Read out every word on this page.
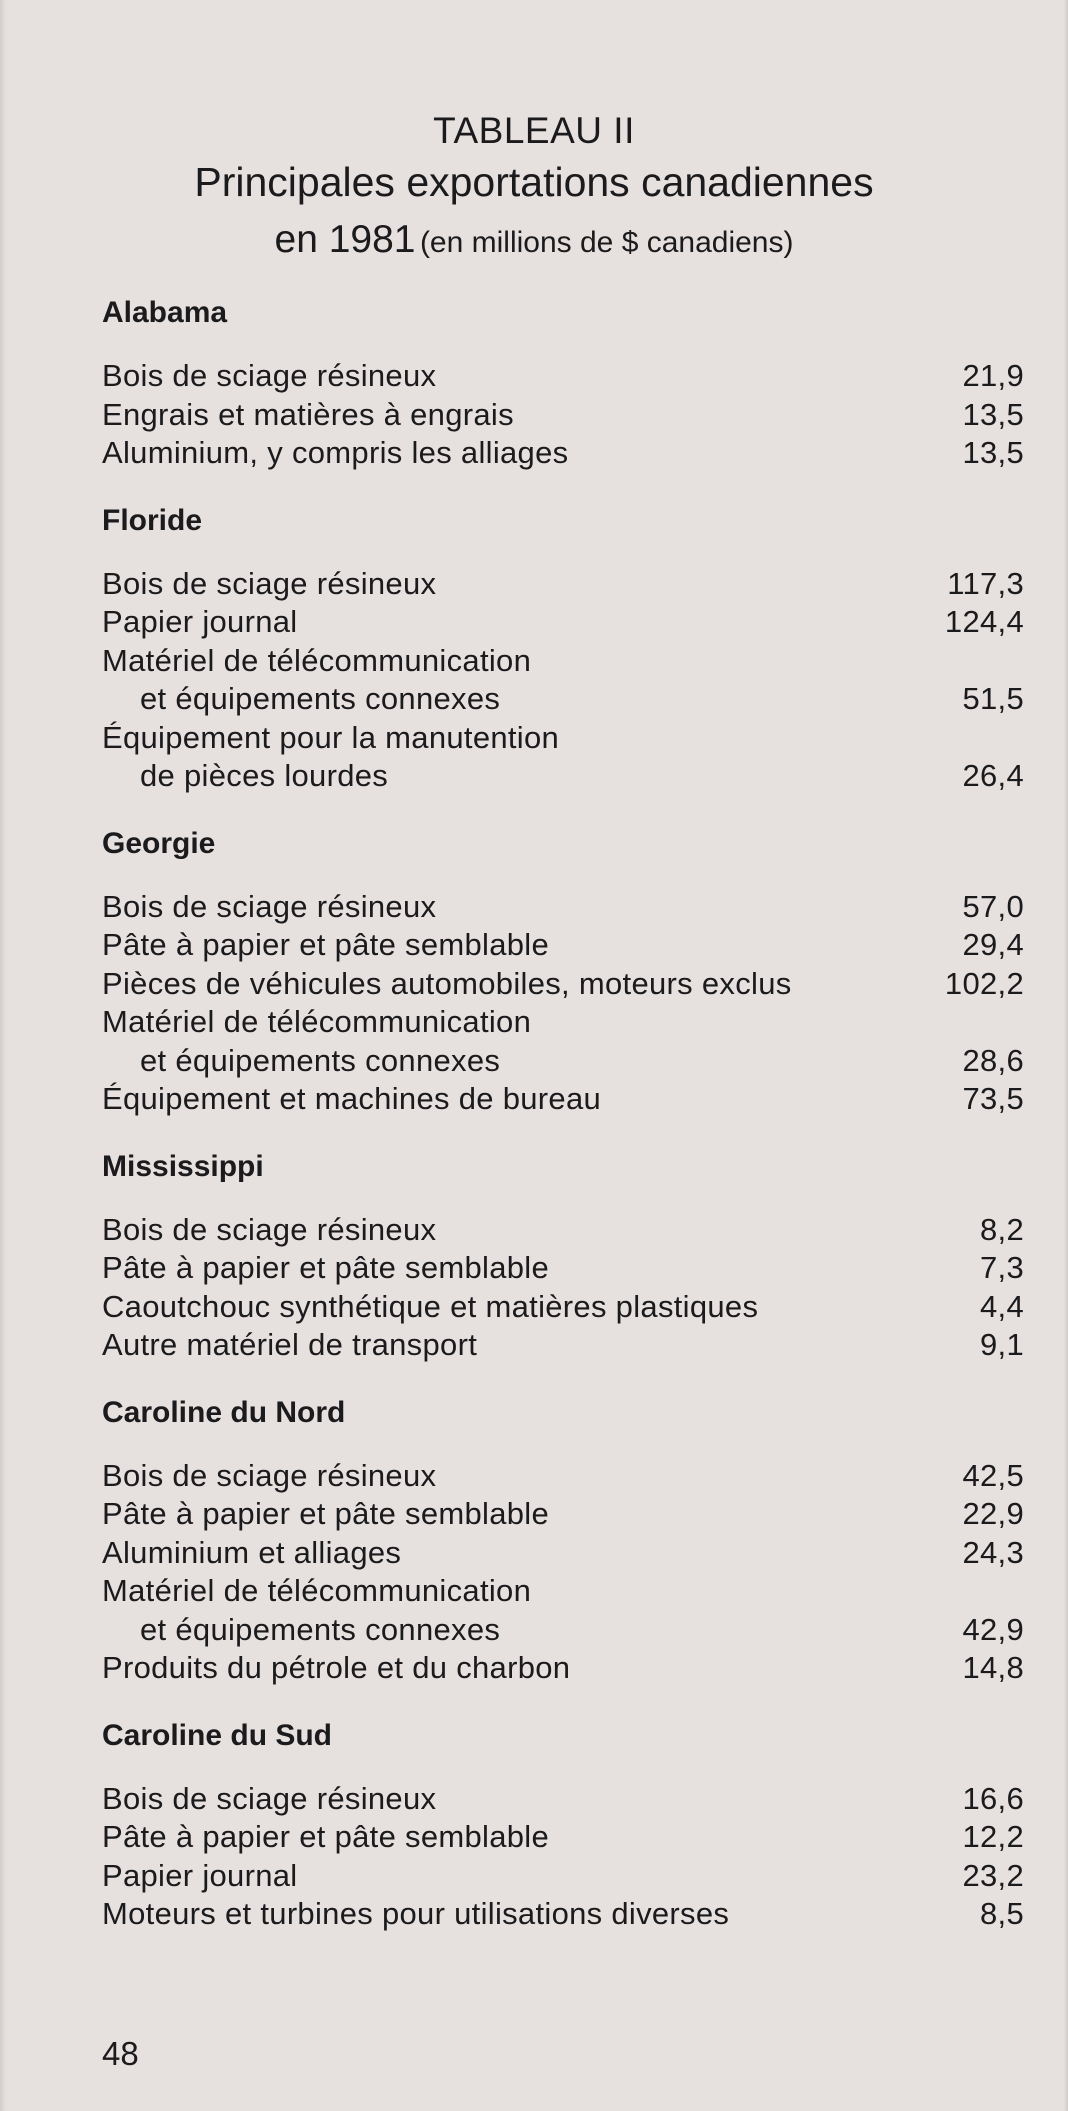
TABLEAU II
Principales exportations canadiennes
en 1981 (en millions de $ canadiens)
Alabama
Bois de sciage résineux	21,9
Engrais et matières à engrais	13,5
Aluminium, y compris les alliages	13,5
Floride
Bois de sciage résineux	117,3
Papier journal	124,4
Matériel de télécommunication
et équipements connexes	51,5
Équipement pour la manutention
de pièces lourdes	26,4
Georgie
Bois de sciage résineux	57,0
Pâte à papier et pâte semblable	29,4
Pièces de véhicules automobiles, moteurs exclus	102,2
Matériel de télécommunication
et équipements connexes	28,6
Équipement et machines de bureau	73,5
Mississippi
Bois de sciage résineux	8,2
Pâte à papier et pâte semblable	7,3
Caoutchouc synthétique et matières plastiques	4,4
Autre matériel de transport	9,1
Caroline du Nord
Bois de sciage résineux	42,5
Pâte à papier et pâte semblable	22,9
Aluminium et alliages	24,3
Matériel de télécommunication
et équipements connexes	42,9
Produits du pétrole et du charbon	14,8
Caroline du Sud
Bois de sciage résineux	16,6
Pâte à papier et pâte semblable	12,2
Papier journal	23,2
Moteurs et turbines pour utilisations diverses	8,5
48
